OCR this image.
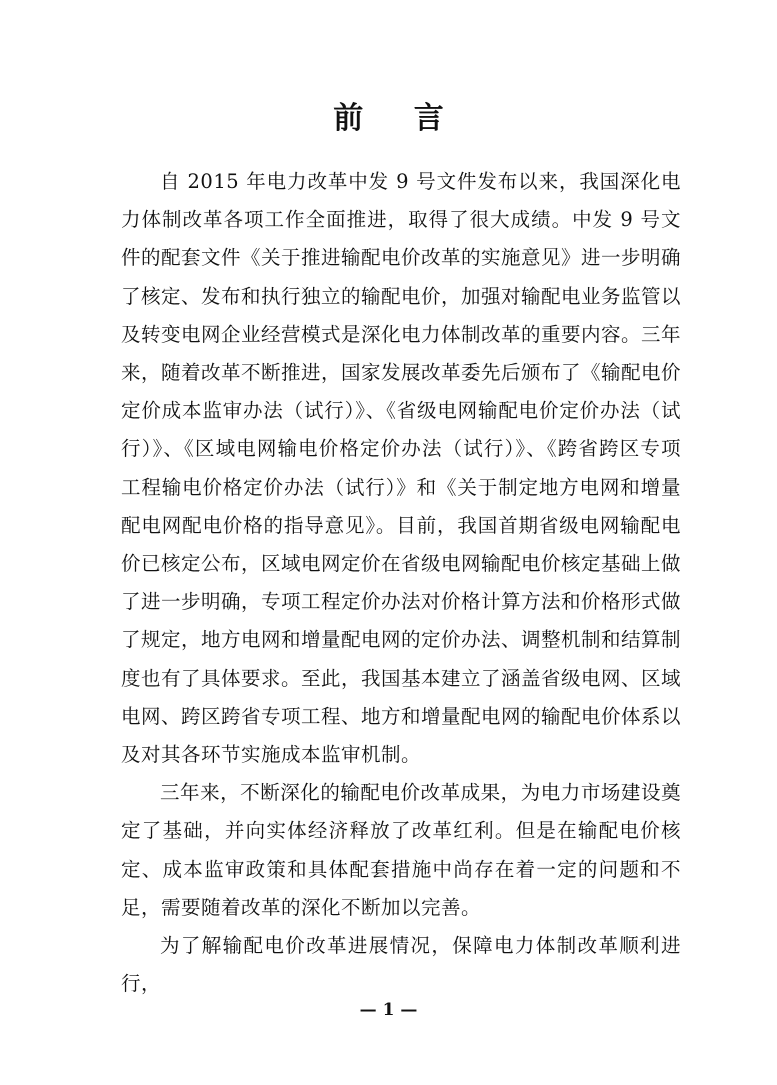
前 言

自 2015 年电力改革中发 9 号文件发布以来，我国深化电力体制改革各项工作全面推进，取得了很大成绩。中发 9 号文件的配套文件《关于推进输配电价改革的实施意见》进一步明确了核定、发布和执行独立的输配电价，加强对输配电业务监管以及转变电网企业经营模式是深化电力体制改革的重要内容。三年来，随着改革不断推进，国家发展改革委先后颁布了《输配电价定价成本监审办法（试行）》、《省级电网输配电价定价办法（试行）》、《区域电网输电价格定价办法（试行）》、《跨省跨区专项工程输电价格定价办法（试行）》和《关于制定地方电网和增量配电网配电价格的指导意见》。目前，我国首期省级电网输配电价已核定公布，区域电网定价在省级电网输配电价核定基础上做了进一步明确，专项工程定价办法对价格计算方法和价格形式做了规定，地方电网和增量配电网的定价办法、调整机制和结算制度也有了具体要求。至此，我国基本建立了涵盖省级电网、区域电网、跨区跨省专项工程、地方和增量配电网的输配电价体系以及对其各环节实施成本监审机制。

三年来，不断深化的输配电价改革成果，为电力市场建设奠定了基础，并向实体经济释放了改革红利。但是在输配电价核定、成本监审政策和具体配套措施中尚存在着一定的问题和不足，需要随着改革的深化不断加以完善。

为了解输配电价改革进展情况，保障电力体制改革顺利进行，

— 1 —
